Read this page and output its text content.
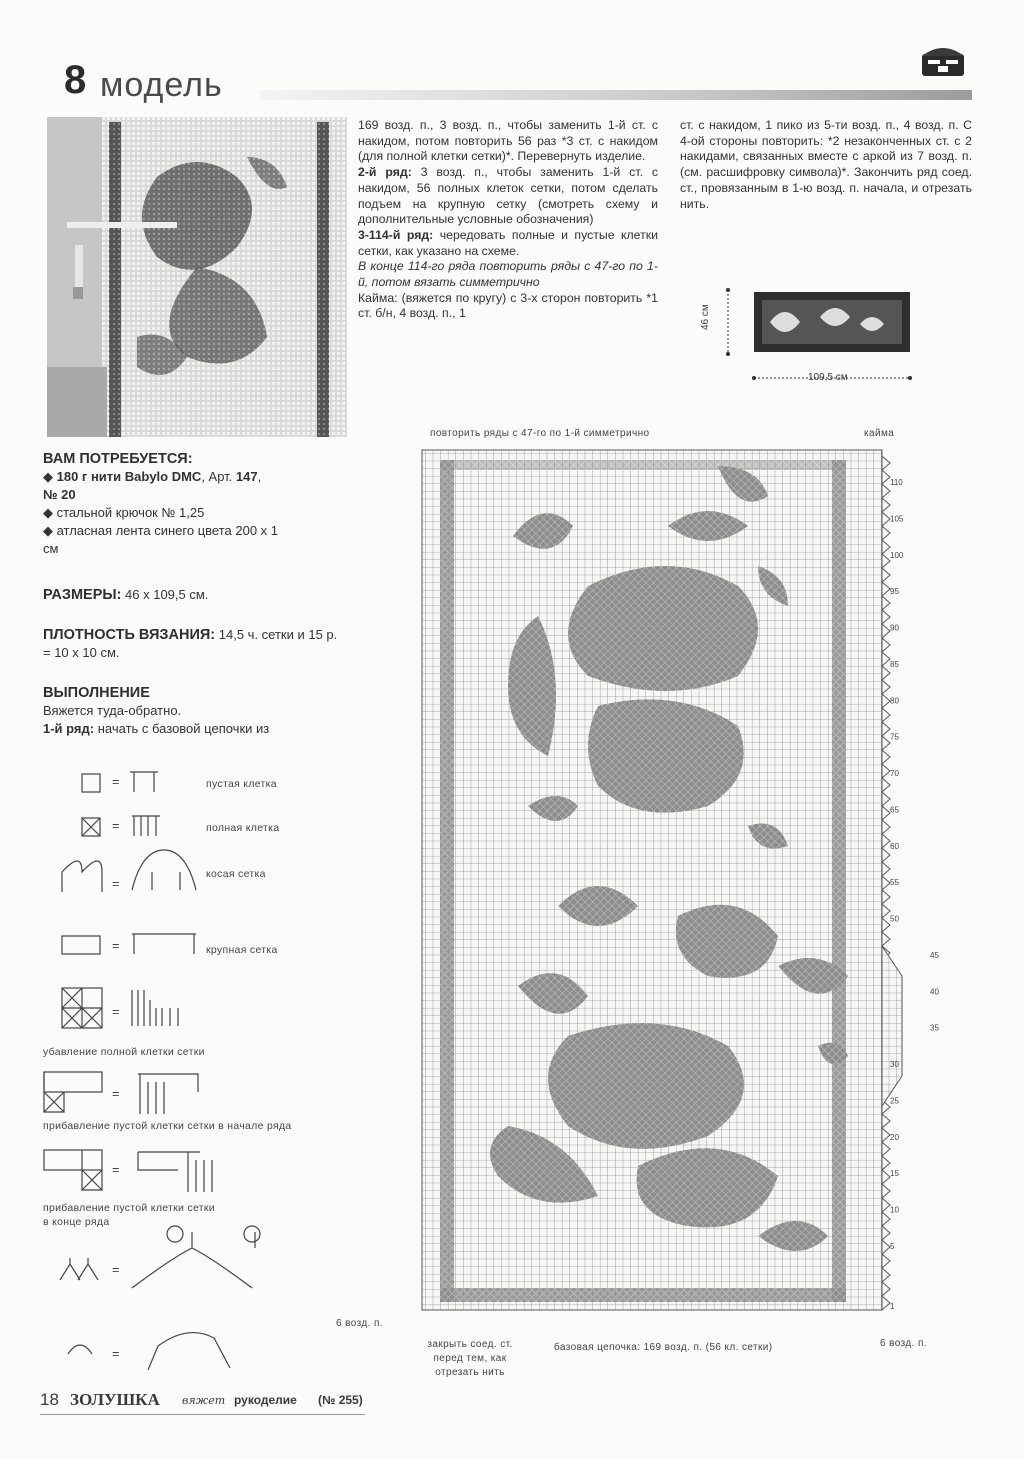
8 модель

169 возд. п., 3 возд. п., чтобы заменить 1-й ст. с накидом, потом повторить 56 раз *3 ст. с накидом (для полной клетки сетки)*. Перевернуть изделие.

2-й ряд: 3 возд. п., чтобы заменить 1-й ст. с накидом, 56 полных клеток сетки, потом сделать подъем на крупную сетку (смотреть схему и дополнительные условные обозначения)

3-114-й ряд: чередовать полные и пустые клетки сетки, как указано на схеме.

В конце 114-го ряда повторить ряды с 47-го по 1-й, потом вязать симметрично

Кайма: (вяжется по кругу) с 3-х сторон повторить *1 ст. б/н, 4 возд. п., 1

ст. с накидом, 1 пико из 5-ти возд. п., 4 возд. п. С 4-ой стороны повторить: *2 незаконченных ст. с 2 накидами, связанных вместе с аркой из 7 возд. п. (см. расшифровку символа)*. Закончить ряд соед. ст., провязанным в 1-ю возд. п. начала, и отрезать нить.

46 см
109,5 см
ВАМ ПОТРЕБУЕТСЯ:
◆ 180 г нити Babylo DMC, Арт. 147,
№ 20
◆ стальной крючок № 1,25
◆ атласная лента синего цвета 200 х 1 см
РАЗМЕРЫ: 46 х 109,5 см.
ПЛОТНОСТЬ ВЯЗАНИЯ: 14,5 ч. сетки и 15 р. = 10 х 10 см.
ВЫПОЛНЕНИЕ
Вяжется туда-обратно.
1-й ряд: начать с базовой цепочки из
=
=
=
=
=
=
=
=
=
пустая клетка
полная клетка
косая сетка
крупная сетка
убавление полной клетки сетки
прибавление пустой клетки сетки в начале ряда
прибавление пустой клетки сетки
в конце ряда
повторить ряды с 47-го по 1-й симметрично	кайма
110
105
100
95
90
85
80
75
70
65
60
55
50
45
40
35
30
25
20
15
10
5
1
6 возд. п.
6 возд. п.
закрыть соед. ст.
перед тем, как
отрезать нить
базовая цепочка: 169 возд. п. (56 кл. сетки)
18 ЗОЛУШКА вяжет рукоделие (№ 255)
